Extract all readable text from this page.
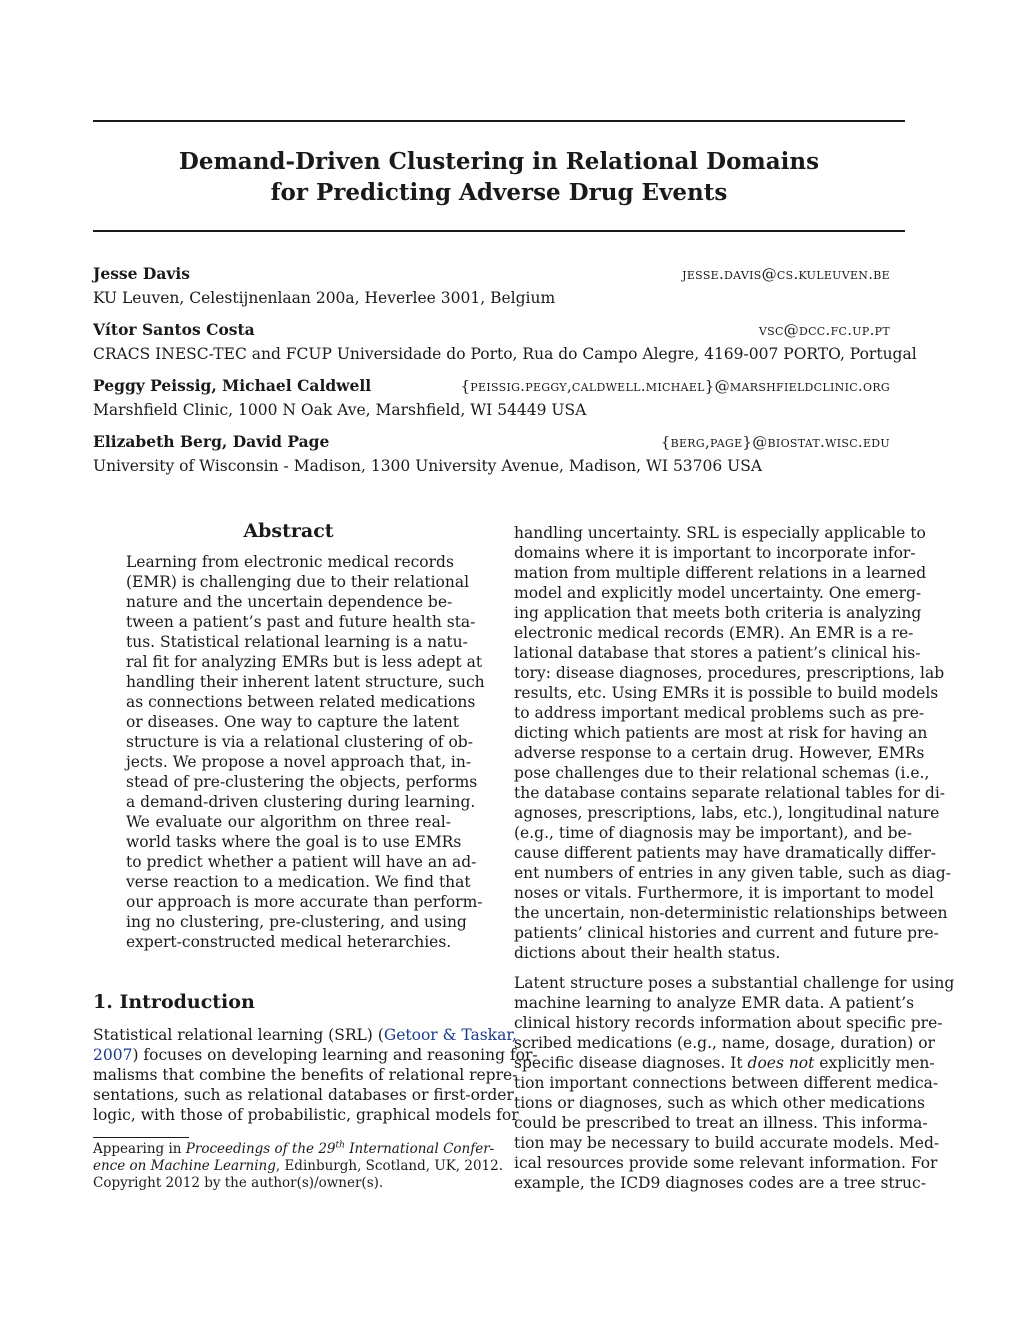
Demand-Driven Clustering in Relational Domains
for Predicting Adverse Drug Events
Jesse Davis	jesse.davis@cs.kuleuven.be
KU Leuven, Celestijnenlaan 200a, Heverlee 3001, Belgium
Vítor Santos Costa	vsc@dcc.fc.up.pt
CRACS INESC-TEC and FCUP Universidade do Porto, Rua do Campo Alegre, 4169-007 PORTO, Portugal
Peggy Peissig, Michael Caldwell	{peissig.peggy,caldwell.michael}@marshfieldclinic.org
Marshfield Clinic, 1000 N Oak Ave, Marshfield, WI 54449 USA
Elizabeth Berg, David Page	{berg,page}@biostat.wisc.edu
University of Wisconsin - Madison, 1300 University Avenue, Madison, WI 53706 USA
Abstract
Learning from electronic medical records
(EMR) is challenging due to their relational
nature and the uncertain dependence be-
tween a patient’s past and future health sta-
tus. Statistical relational learning is a natu-
ral fit for analyzing EMRs but is less adept at
handling their inherent latent structure, such
as connections between related medications
or diseases. One way to capture the latent
structure is via a relational clustering of ob-
jects. We propose a novel approach that, in-
stead of pre-clustering the objects, performs
a demand-driven clustering during learning.
We evaluate our algorithm on three real-
world tasks where the goal is to use EMRs
to predict whether a patient will have an ad-
verse reaction to a medication. We find that
our approach is more accurate than perform-
ing no clustering, pre-clustering, and using
expert-constructed medical heterarchies.
1. Introduction
Statistical relational learning (SRL) (Getoor & Taskar,
2007) focuses on developing learning and reasoning for-
malisms that combine the benefits of relational repre-
sentations, such as relational databases or first-order
logic, with those of probabilistic, graphical models for
Appearing in Proceedings of the 29th International Confer-
ence on Machine Learning, Edinburgh, Scotland, UK, 2012.
Copyright 2012 by the author(s)/owner(s).
handling uncertainty. SRL is especially applicable to
domains where it is important to incorporate infor-
mation from multiple different relations in a learned
model and explicitly model uncertainty. One emerg-
ing application that meets both criteria is analyzing
electronic medical records (EMR). An EMR is a re-
lational database that stores a patient’s clinical his-
tory: disease diagnoses, procedures, prescriptions, lab
results, etc. Using EMRs it is possible to build models
to address important medical problems such as pre-
dicting which patients are most at risk for having an
adverse response to a certain drug. However, EMRs
pose challenges due to their relational schemas (i.e.,
the database contains separate relational tables for di-
agnoses, prescriptions, labs, etc.), longitudinal nature
(e.g., time of diagnosis may be important), and be-
cause different patients may have dramatically differ-
ent numbers of entries in any given table, such as diag-
noses or vitals. Furthermore, it is important to model
the uncertain, non-deterministic relationships between
patients’ clinical histories and current and future pre-
dictions about their health status.
Latent structure poses a substantial challenge for using
machine learning to analyze EMR data. A patient’s
clinical history records information about specific pre-
scribed medications (e.g., name, dosage, duration) or
specific disease diagnoses. It does not explicitly men-
tion important connections between different medica-
tions or diagnoses, such as which other medications
could be prescribed to treat an illness. This informa-
tion may be necessary to build accurate models. Med-
ical resources provide some relevant information. For
example, the ICD9 diagnoses codes are a tree struc-
